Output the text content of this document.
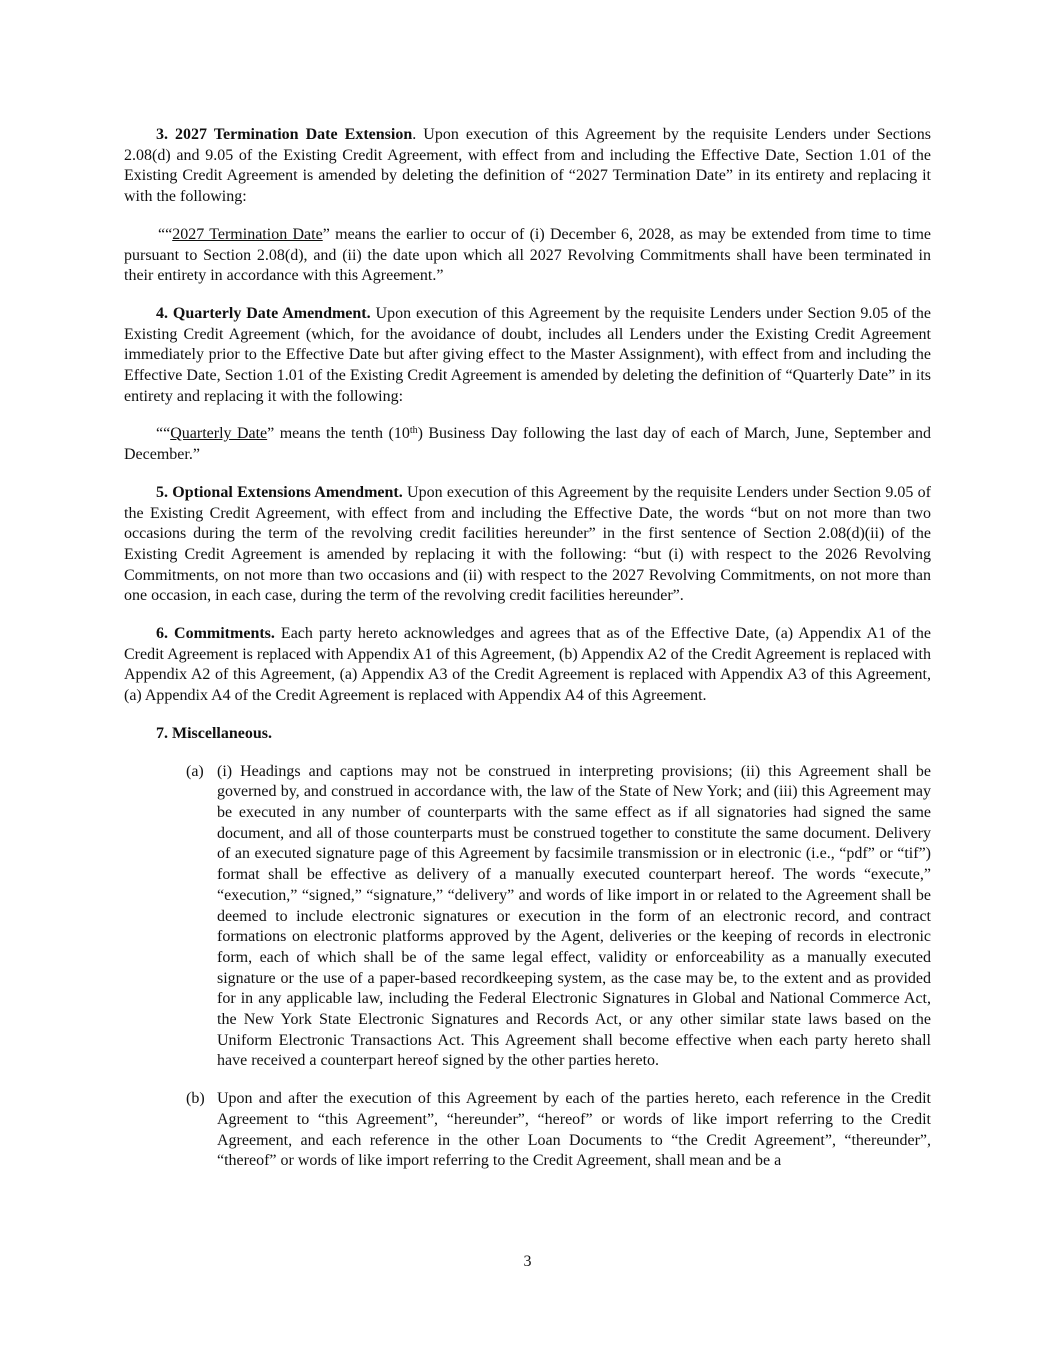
3. 2027 Termination Date Extension. Upon execution of this Agreement by the requisite Lenders under Sections 2.08(d) and 9.05 of the Existing Credit Agreement, with effect from and including the Effective Date, Section 1.01 of the Existing Credit Agreement is amended by deleting the definition of “2027 Termination Date” in its entirety and replacing it with the following:

““2027 Termination Date” means the earlier to occur of (i) December 6, 2028, as may be extended from time to time pursuant to Section 2.08(d), and (ii) the date upon which all 2027 Revolving Commitments shall have been terminated in their entirety in accordance with this Agreement.”

4. Quarterly Date Amendment. Upon execution of this Agreement by the requisite Lenders under Section 9.05 of the Existing Credit Agreement (which, for the avoidance of doubt, includes all Lenders under the Existing Credit Agreement immediately prior to the Effective Date but after giving effect to the Master Assignment), with effect from and including the Effective Date, Section 1.01 of the Existing Credit Agreement is amended by deleting the definition of “Quarterly Date” in its entirety and replacing it with the following:

““Quarterly Date” means the tenth (10th) Business Day following the last day of each of March, June, September and December.”

5. Optional Extensions Amendment. Upon execution of this Agreement by the requisite Lenders under Section 9.05 of the Existing Credit Agreement, with effect from and including the Effective Date, the words “but on not more than two occasions during the term of the revolving credit facilities hereunder” in the first sentence of Section 2.08(d)(ii) of the Existing Credit Agreement is amended by replacing it with the following: “but (i) with respect to the 2026 Revolving Commitments, on not more than two occasions and (ii) with respect to the 2027 Revolving Commitments, on not more than one occasion, in each case, during the term of the revolving credit facilities hereunder”.

6. Commitments. Each party hereto acknowledges and agrees that as of the Effective Date, (a) Appendix A1 of the Credit Agreement is replaced with Appendix A1 of this Agreement, (b) Appendix A2 of the Credit Agreement is replaced with Appendix A2 of this Agreement, (a) Appendix A3 of the Credit Agreement is replaced with Appendix A3 of this Agreement, (a) Appendix A4 of the Credit Agreement is replaced with Appendix A4 of this Agreement.

7. Miscellaneous.

(a) (i) Headings and captions may not be construed in interpreting provisions; (ii) this Agreement shall be governed by, and construed in accordance with, the law of the State of New York; and (iii) this Agreement may be executed in any number of counterparts with the same effect as if all signatories had signed the same document, and all of those counterparts must be construed together to constitute the same document. Delivery of an executed signature page of this Agreement by facsimile transmission or in electronic (i.e., “pdf” or “tif”) format shall be effective as delivery of a manually executed counterpart hereof. The words “execute,” “execution,” “signed,” “signature,” “delivery” and words of like import in or related to the Agreement shall be deemed to include electronic signatures or execution in the form of an electronic record, and contract formations on electronic platforms approved by the Agent, deliveries or the keeping of records in electronic form, each of which shall be of the same legal effect, validity or enforceability as a manually executed signature or the use of a paper-based recordkeeping system, as the case may be, to the extent and as provided for in any applicable law, including the Federal Electronic Signatures in Global and National Commerce Act, the New York State Electronic Signatures and Records Act, or any other similar state laws based on the Uniform Electronic Transactions Act. This Agreement shall become effective when each party hereto shall have received a counterpart hereof signed by the other parties hereto.

(b) Upon and after the execution of this Agreement by each of the parties hereto, each reference in the Credit Agreement to “this Agreement”, “hereunder”, “hereof” or words of like import referring to the Credit Agreement, and each reference in the other Loan Documents to “the Credit Agreement”, “thereunder”, “thereof” or words of like import referring to the Credit Agreement, shall mean and be a

3
